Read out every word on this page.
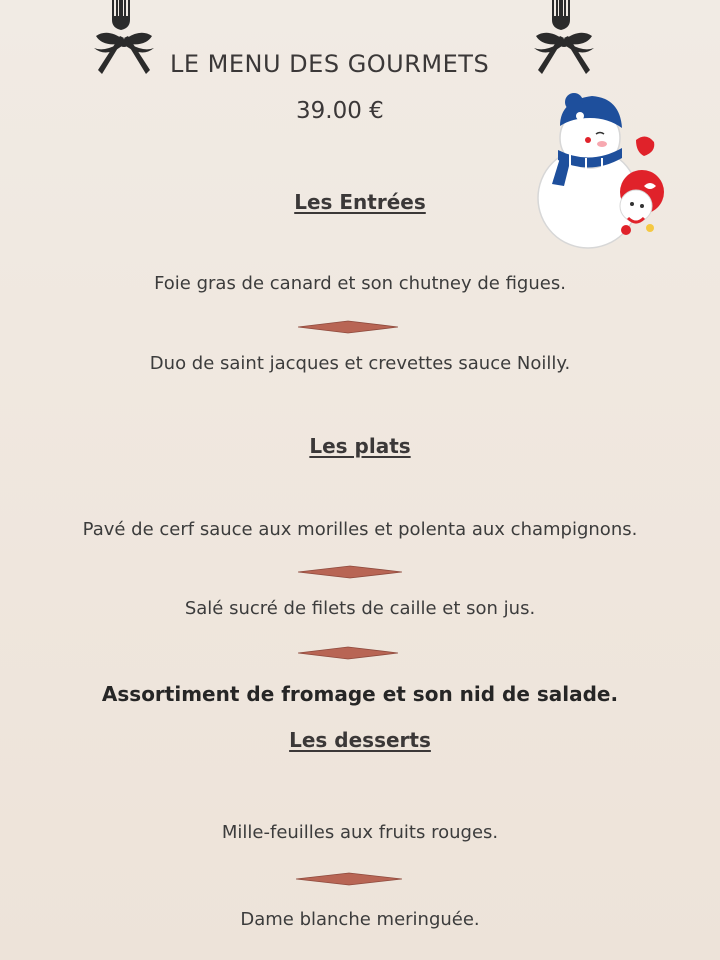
LE MENU DES GOURMETS
39.00 €
Les Entrées
Foie gras de canard et son chutney de figues.
Duo de saint jacques et crevettes sauce Noilly.
Les plats
Pavé de cerf sauce aux morilles et polenta aux champignons.
Salé sucré de filets de caille et son jus.
Assortiment de fromage et son nid de salade.
Les desserts
Mille-feuilles aux fruits rouges.
Dame blanche meringuée.
